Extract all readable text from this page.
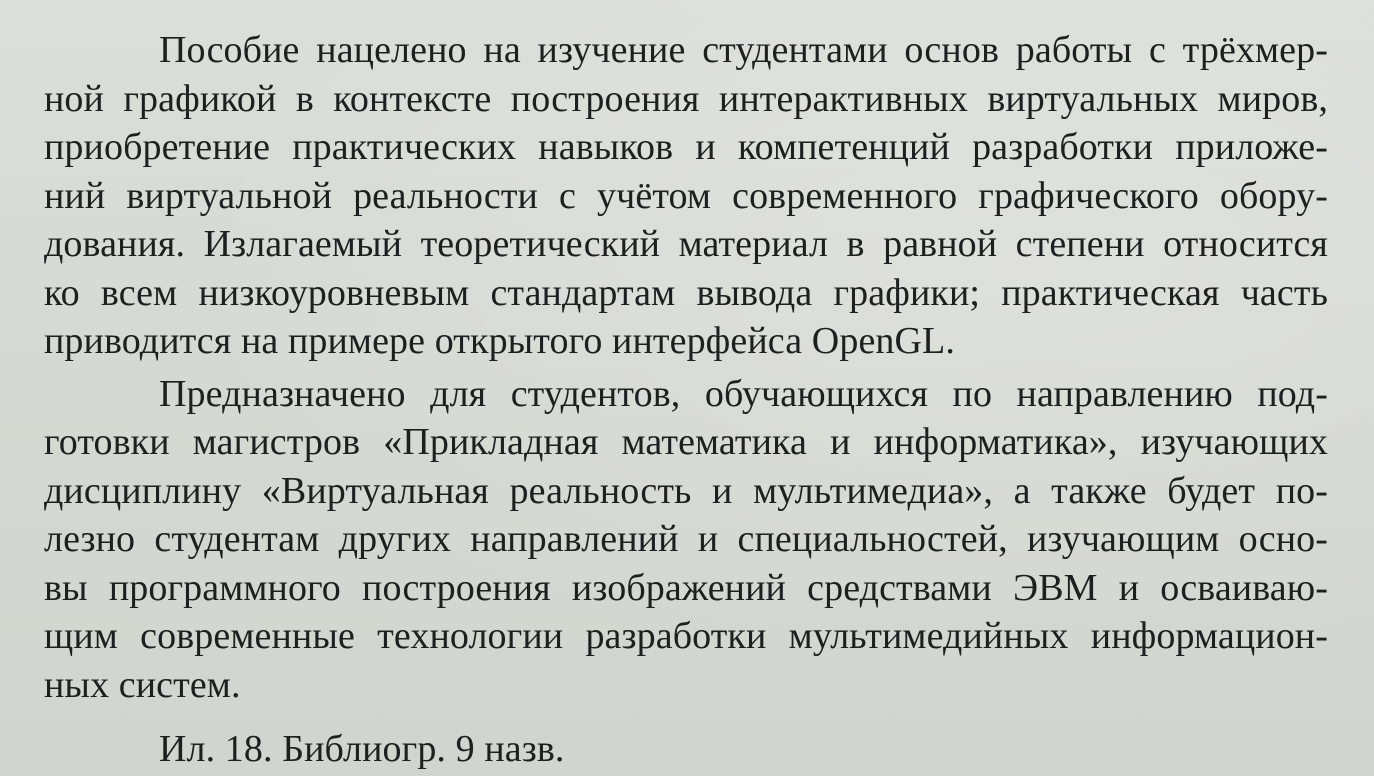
Пособие нацелено на изучение студентами основ работы с трёхмер-
ной графикой в контексте построения интерактивных виртуальных миров,
приобретение практических навыков и компетенций разработки приложе-
ний виртуальной реальности с учётом современного графического обору-
дования. Излагаемый теоретический материал в равной степени относится
ко всем низкоуровневым стандартам вывода графики; практическая часть
приводится на примере открытого интерфейса OpenGL.
Предназначено для студентов, обучающихся по направлению под-
готовки магистров «Прикладная математика и информатика», изучающих
дисциплину «Виртуальная реальность и мультимедиа», а также будет по-
лезно студентам других направлений и специальностей, изучающим осно-
вы программного построения изображений средствами ЭВМ и осваиваю-
щим современные технологии разработки мультимедийных информацион-
ных систем.
Ил. 18. Библиогр. 9 назв.
